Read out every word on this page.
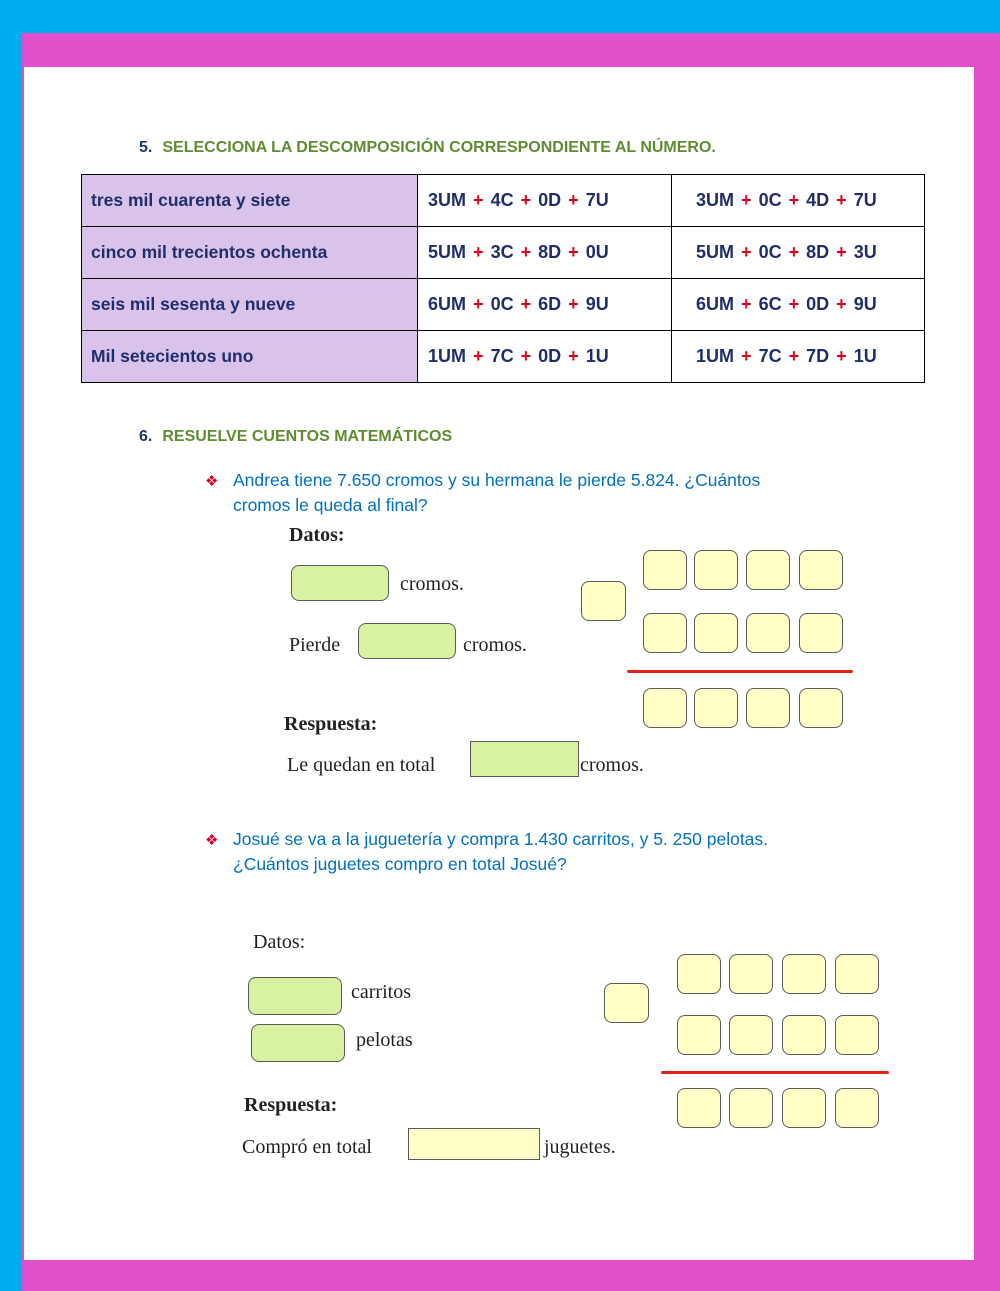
5. SELECCIONA LA DESCOMPOSICIÓN CORRESPONDIENTE AL NÚMERO.
tres mil cuarenta y siete	3UM + 4C + 0D + 7U	3UM + 0C + 4D + 7U
cinco mil trecientos ochenta	5UM + 3C + 8D + 0U	5UM + 0C + 8D + 3U
seis mil sesenta y nueve	6UM + 0C + 6D + 9U	6UM + 6C + 0D + 9U
Mil setecientos uno	1UM + 7C + 0D + 1U	1UM + 7C + 7D + 1U
6. RESUELVE CUENTOS MATEMÁTICOS
❖ Andrea tiene 7.650 cromos y su hermana le pierde 5.824. ¿Cuántos
cromos le queda al final?
Datos:
cromos.
Pierde	cromos.
Respuesta:
Le quedan en total	cromos.
❖ Josué se va a la juguetería y compra 1.430 carritos, y 5. 250 pelotas.
¿Cuántos juguetes compro en total Josué?
Datos:
carritos
pelotas
Respuesta:
Compró en total	juguetes.
